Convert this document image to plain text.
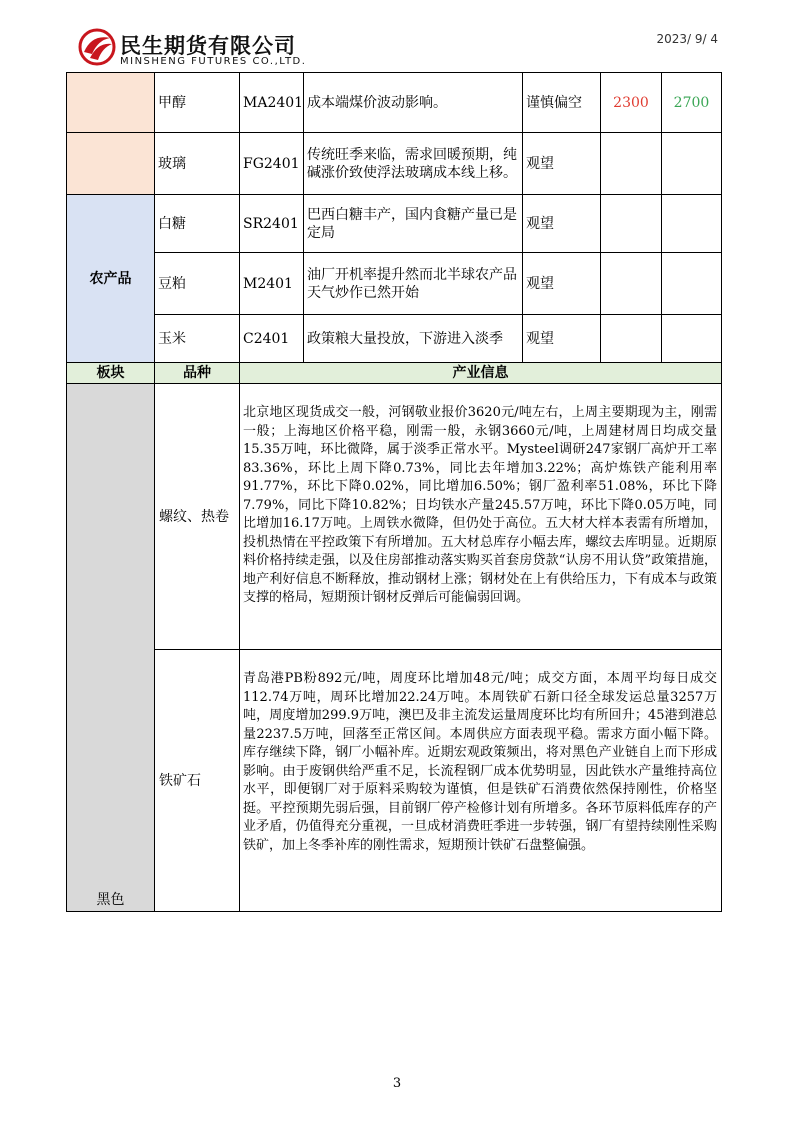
民生期货有限公司
MINSHENG FUTURES CO.,LTD.
2023/ 9/ 4
	甲醇	MA2401	成本端煤价波动影响。	谨慎偏空	2300	2700
	玻璃	FG2401	传统旺季来临，需求回暖预期，纯碱涨价致使浮法玻璃成本线上移。	观望		
农产品	白糖	SR2401	巴西白糖丰产，国内食糖产量已是定局	观望		
	豆粕	M2401	油厂开机率提升然而北半球农产品天气炒作已然开始	观望		
	玉米	C2401	政策粮大量投放，下游进入淡季	观望		
板块	品种	产业信息				
黑色	螺纹、热卷	北京地区现货成交一般，河钢敬业报价3620元/吨左右，上周主要期现为主，刚需一般；上海地区价格平稳，刚需一般，永钢3660元/吨，上周建材周日均成交量15.35万吨，环比微降，属于淡季正常水平。Mysteel调研247家钢厂高炉开工率83.36%，环比上周下降0.73%，同比去年增加3.22%；高炉炼铁产能利用率91.77%，环比下降0.02%，同比增加6.50%；钢厂盈利率51.08%，环比下降7.79%，同比下降10.82%；日均铁水产量245.57万吨，环比下降0.05万吨，同比增加16.17万吨。上周铁水微降，但仍处于高位。五大材大样本表需有所增加，投机热情在平控政策下有所增加。五大材总库存小幅去库，螺纹去库明显。近期原料价格持续走强，以及住房部推动落实购买首套房贷款“认房不用认贷”政策措施，地产利好信息不断释放，推动钢材上涨；钢材处在上有供给压力，下有成本与政策支撑的格局，短期预计钢材反弹后可能偏弱回调。
	铁矿石	青岛港PB粉892元/吨，周度环比增加48元/吨；成交方面，本周平均每日成交112.74万吨，周环比增加22.24万吨。本周铁矿石新口径全球发运总量3257万吨，周度增加299.9万吨，澳巴及非主流发运量周度环比均有所回升；45港到港总量2237.5万吨，回落至正常区间。本周供应方面表现平稳。需求方面小幅下降。库存继续下降，钢厂小幅补库。近期宏观政策频出，将对黑色产业链自上而下形成影响。由于废钢供给严重不足，长流程钢厂成本优势明显，因此铁水产量维持高位水平，即便钢厂对于原料采购较为谨慎，但是铁矿石消费依然保持刚性，价格坚挺。平控预期先弱后强，目前钢厂停产检修计划有所增多。各环节原料低库存的产业矛盾，仍值得充分重视，一旦成材消费旺季进一步转强，钢厂有望持续刚性采购铁矿，加上冬季补库的刚性需求，短期预计铁矿石盘整偏强。
3
